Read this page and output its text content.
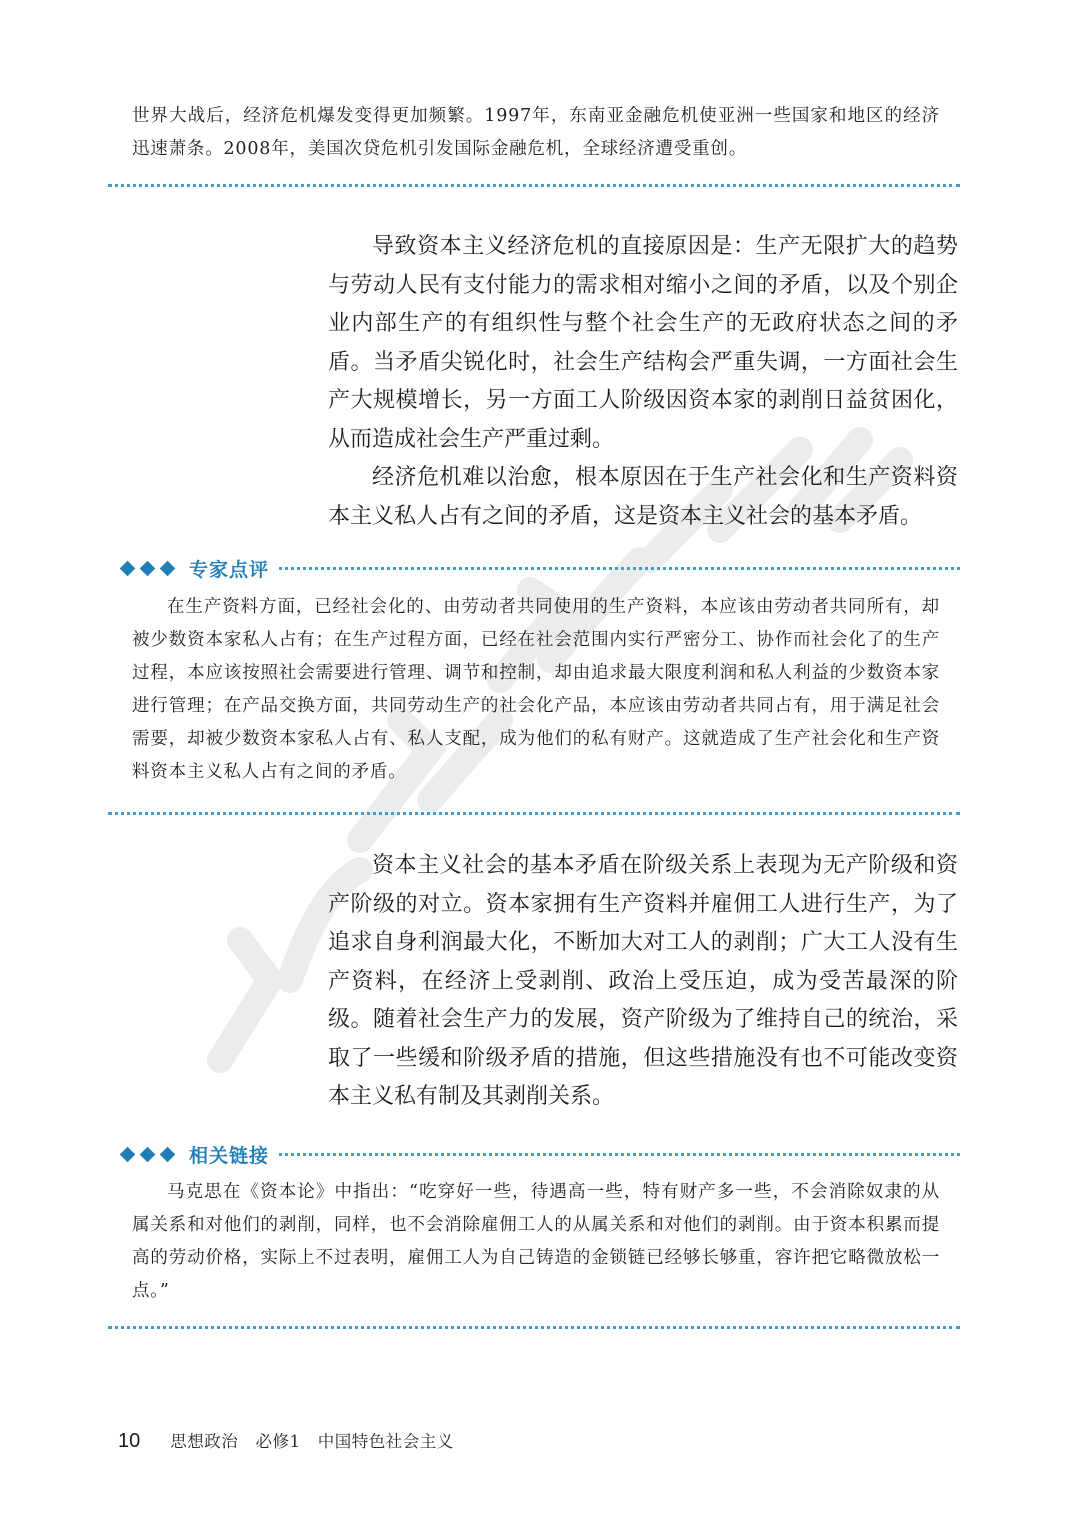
世界大战后，经济危机爆发变得更加频繁。1997年，东南亚金融危机使亚洲一些国家和地区的经济迅速萧条。2008年，美国次贷危机引发国际金融危机，全球经济遭受重创。

导致资本主义经济危机的直接原因是：生产无限扩大的趋势与劳动人民有支付能力的需求相对缩小之间的矛盾，以及个别企业内部生产的有组织性与整个社会生产的无政府状态之间的矛盾。当矛盾尖锐化时，社会生产结构会严重失调，一方面社会生产大规模增长，另一方面工人阶级因资本家的剥削日益贫困化，从而造成社会生产严重过剩。

经济危机难以治愈，根本原因在于生产社会化和生产资料资本主义私人占有之间的矛盾，这是资本主义社会的基本矛盾。

专家点评

在生产资料方面，已经社会化的、由劳动者共同使用的生产资料，本应该由劳动者共同所有，却被少数资本家私人占有；在生产过程方面，已经在社会范围内实行严密分工、协作而社会化了的生产过程，本应该按照社会需要进行管理、调节和控制，却由追求最大限度利润和私人利益的少数资本家进行管理；在产品交换方面，共同劳动生产的社会化产品，本应该由劳动者共同占有，用于满足社会需要，却被少数资本家私人占有、私人支配，成为他们的私有财产。这就造成了生产社会化和生产资料资本主义私人占有之间的矛盾。

资本主义社会的基本矛盾在阶级关系上表现为无产阶级和资产阶级的对立。资本家拥有生产资料并雇佣工人进行生产，为了追求自身利润最大化，不断加大对工人的剥削；广大工人没有生产资料，在经济上受剥削、政治上受压迫，成为受苦最深的阶级。随着社会生产力的发展，资产阶级为了维持自己的统治，采取了一些缓和阶级矛盾的措施，但这些措施没有也不可能改变资本主义私有制及其剥削关系。

相关链接

马克思在《资本论》中指出：“吃穿好一些，待遇高一些，特有财产多一些，不会消除奴隶的从属关系和对他们的剥削，同样，也不会消除雇佣工人的从属关系和对他们的剥削。由于资本积累而提高的劳动价格，实际上不过表明，雇佣工人为自己铸造的金锁链已经够长够重，容许把它略微放松一点。”

10 思想政治   必修1   中国特色社会主义
